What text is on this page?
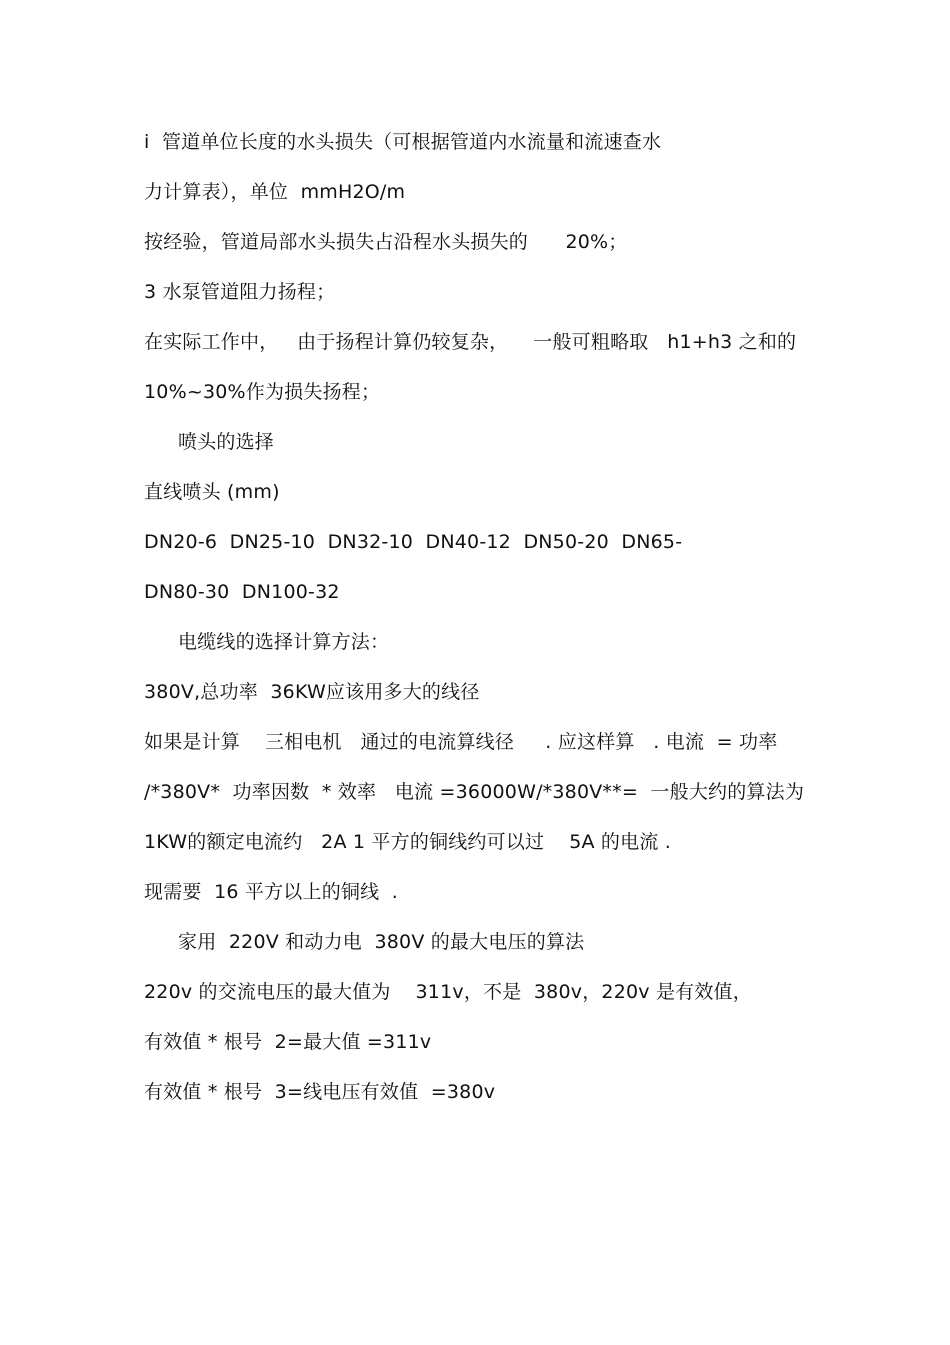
i  管道单位长度的水头损失（可根据管道内水流量和流速查水
力计算表），单位  mmH2O/m
按经验，管道局部水头损失占沿程水头损失的      20%；
3 水泵管道阻力扬程；
在实际工作中，   由于扬程计算仍较复杂，    一般可粗略取   h1+h3 之和的
10%~30%作为损失扬程；
喷头的选择
直线喷头 (mm)
DN20-6  DN25-10  DN32-10  DN40-12  DN50-20  DN65-
DN80-30  DN100-32
电缆线的选择计算方法：
380V,总功率  36KW应该用多大的线径
如果是计算    三相电机   通过的电流算线径     . 应这样算   . 电流  = 功率
/*380V*  功率因数  * 效率   电流 =36000W/*380V**=  一般大约的算法为
1KW的额定电流约   2A 1 平方的铜线约可以过    5A 的电流 .
现需要  16 平方以上的铜线  .
家用  220V 和动力电  380V 的最大电压的算法
220v 的交流电压的最大值为    311v，不是  380v，220v 是有效值，
有效值 * 根号  2=最大值 =311v
有效值 * 根号  3=线电压有效值  =380v
